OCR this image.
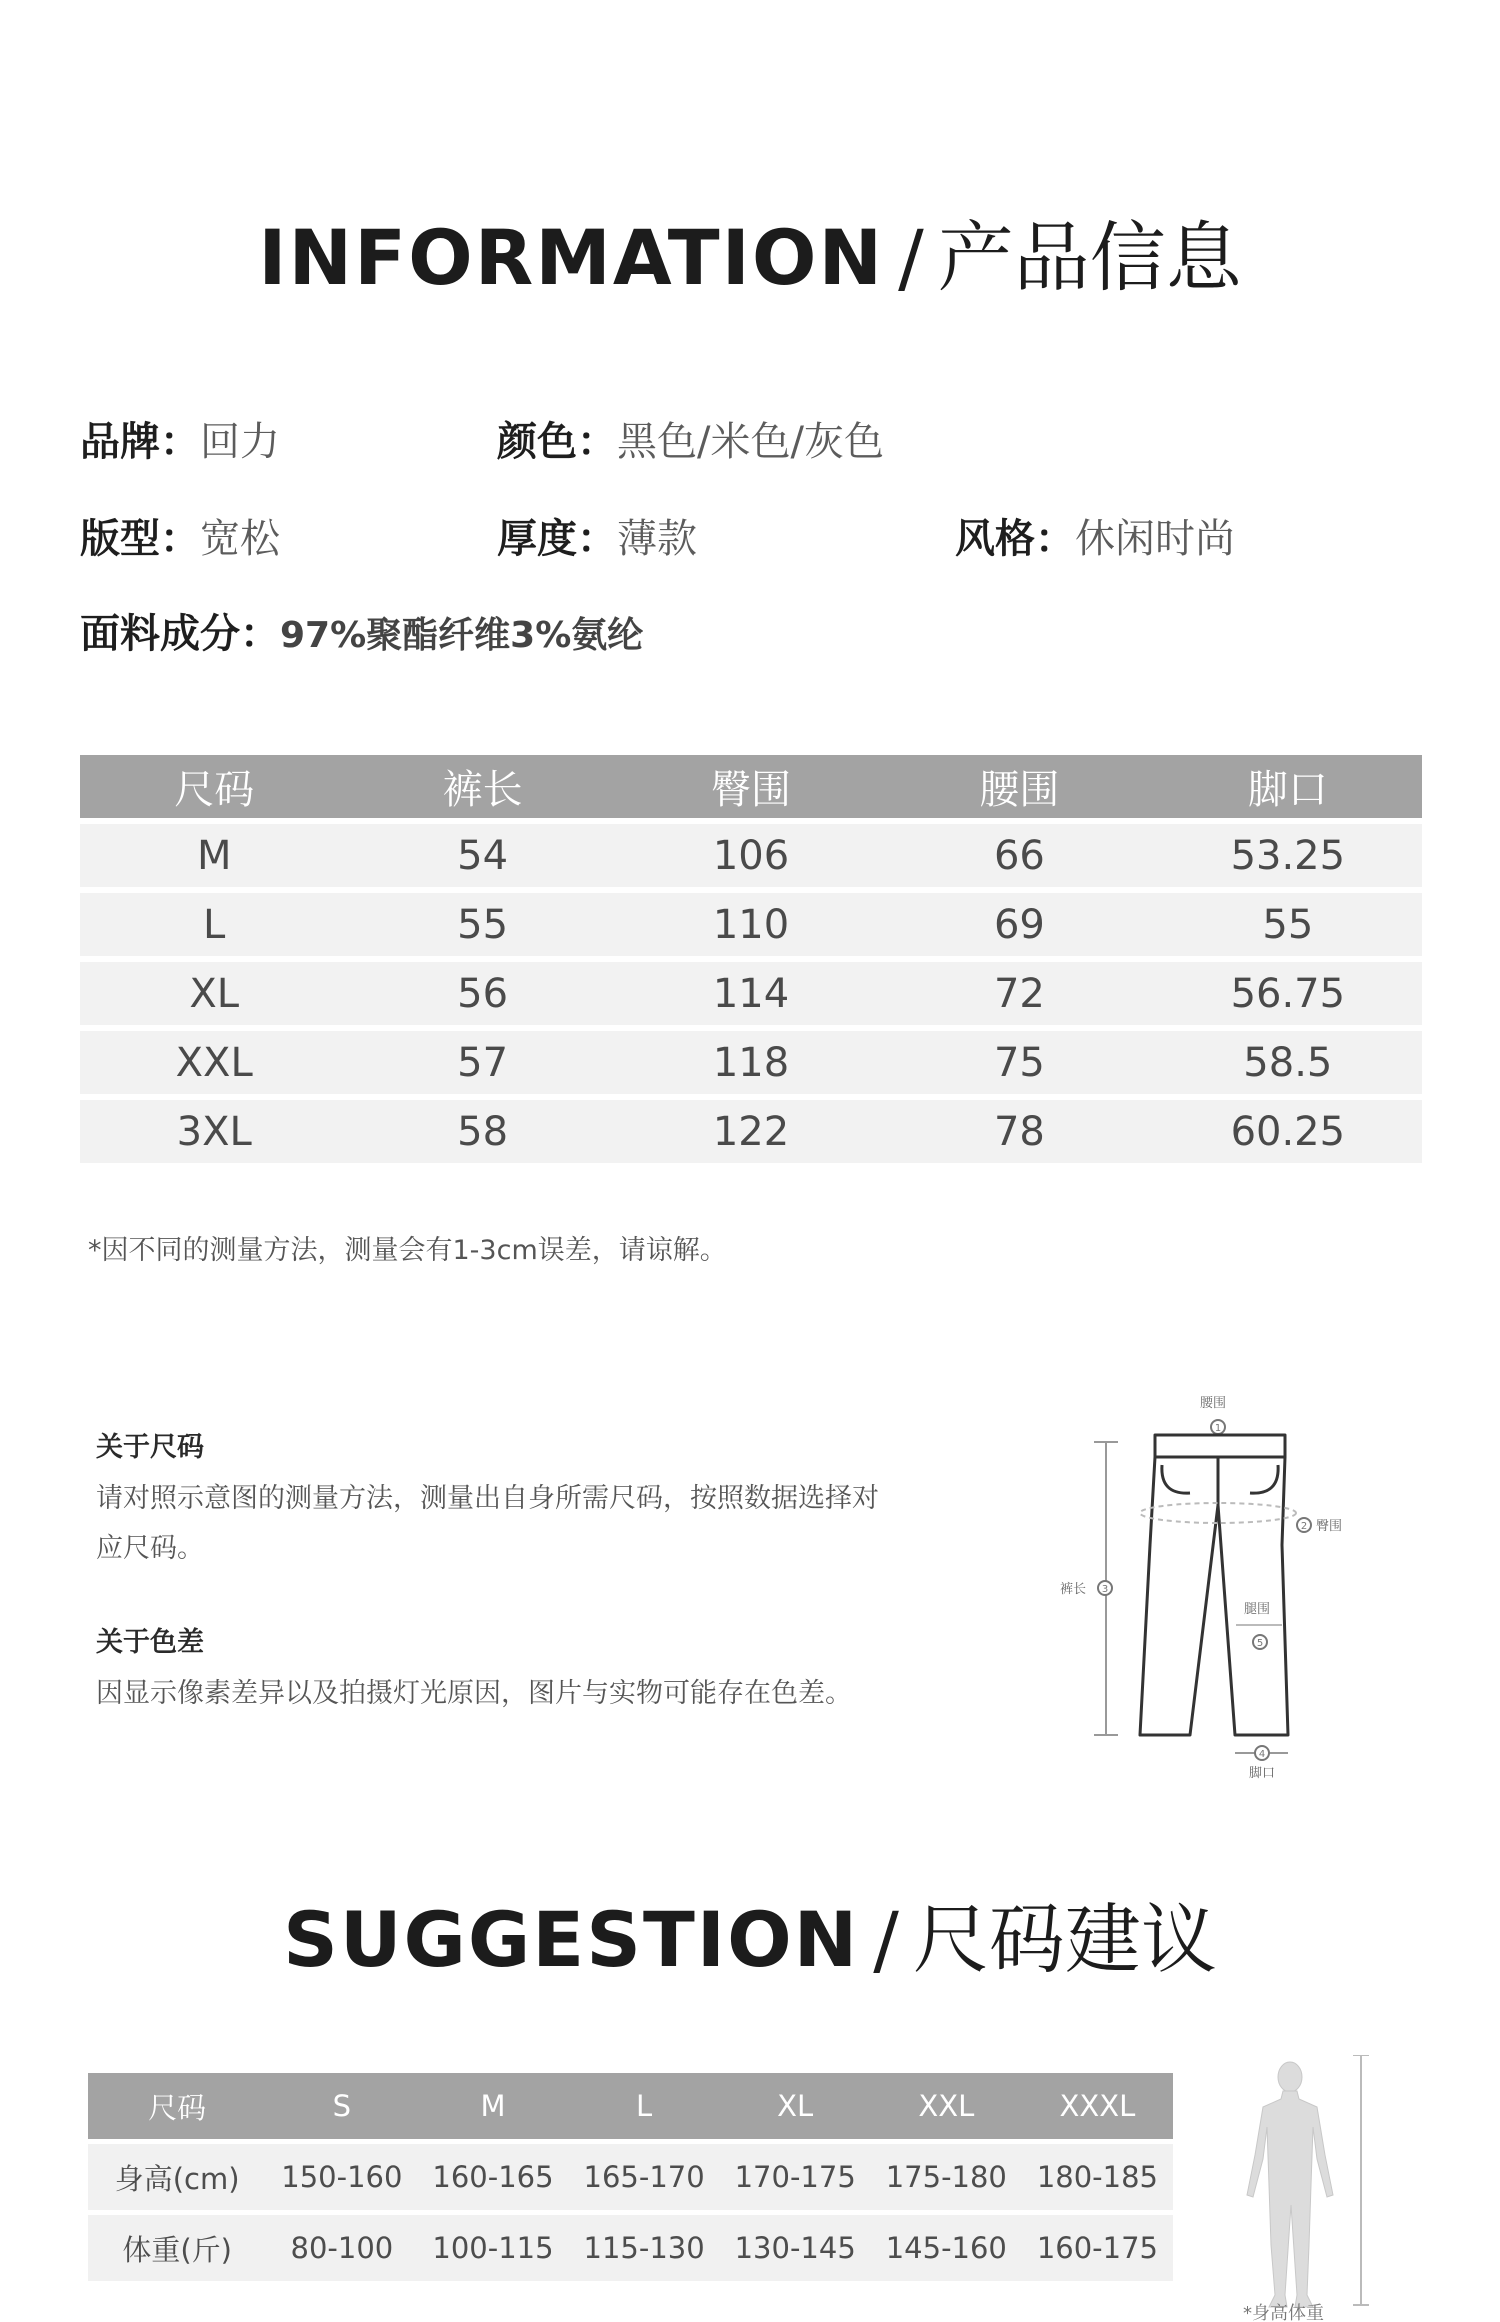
INFORMATION / 产品信息
品牌：回力	颜色：黑色/米色/灰色
版型：宽松	厚度：薄款	风格：休闲时尚
面料成分：97%聚酯纤维3%氨纶
尺码	裤长	臀围	腰围	脚口
M	54	106	66	53.25
L	55	110	69	55
XL	56	114	72	56.75
XXL	57	118	75	58.5
3XL	58	122	78	60.25
*因不同的测量方法，测量会有1-3cm误差，请谅解。
关于尺码
请对照示意图的测量方法，测量出自身所需尺码，按照数据选择对应尺码。
关于色差
因显示像素差异以及拍摄灯光原因，图片与实物可能存在色差。
腰围
1
裤长 3
2 臀围
腿围
5
4
脚口
SUGGESTION / 尺码建议
尺码	S	M	L	XL	XXL	XXXL
身高(cm)	150-160	160-165	165-170	170-175	175-180	180-185
体重(斤)	80-100	100-115	115-130	130-145	145-160	160-175
*身高体重
